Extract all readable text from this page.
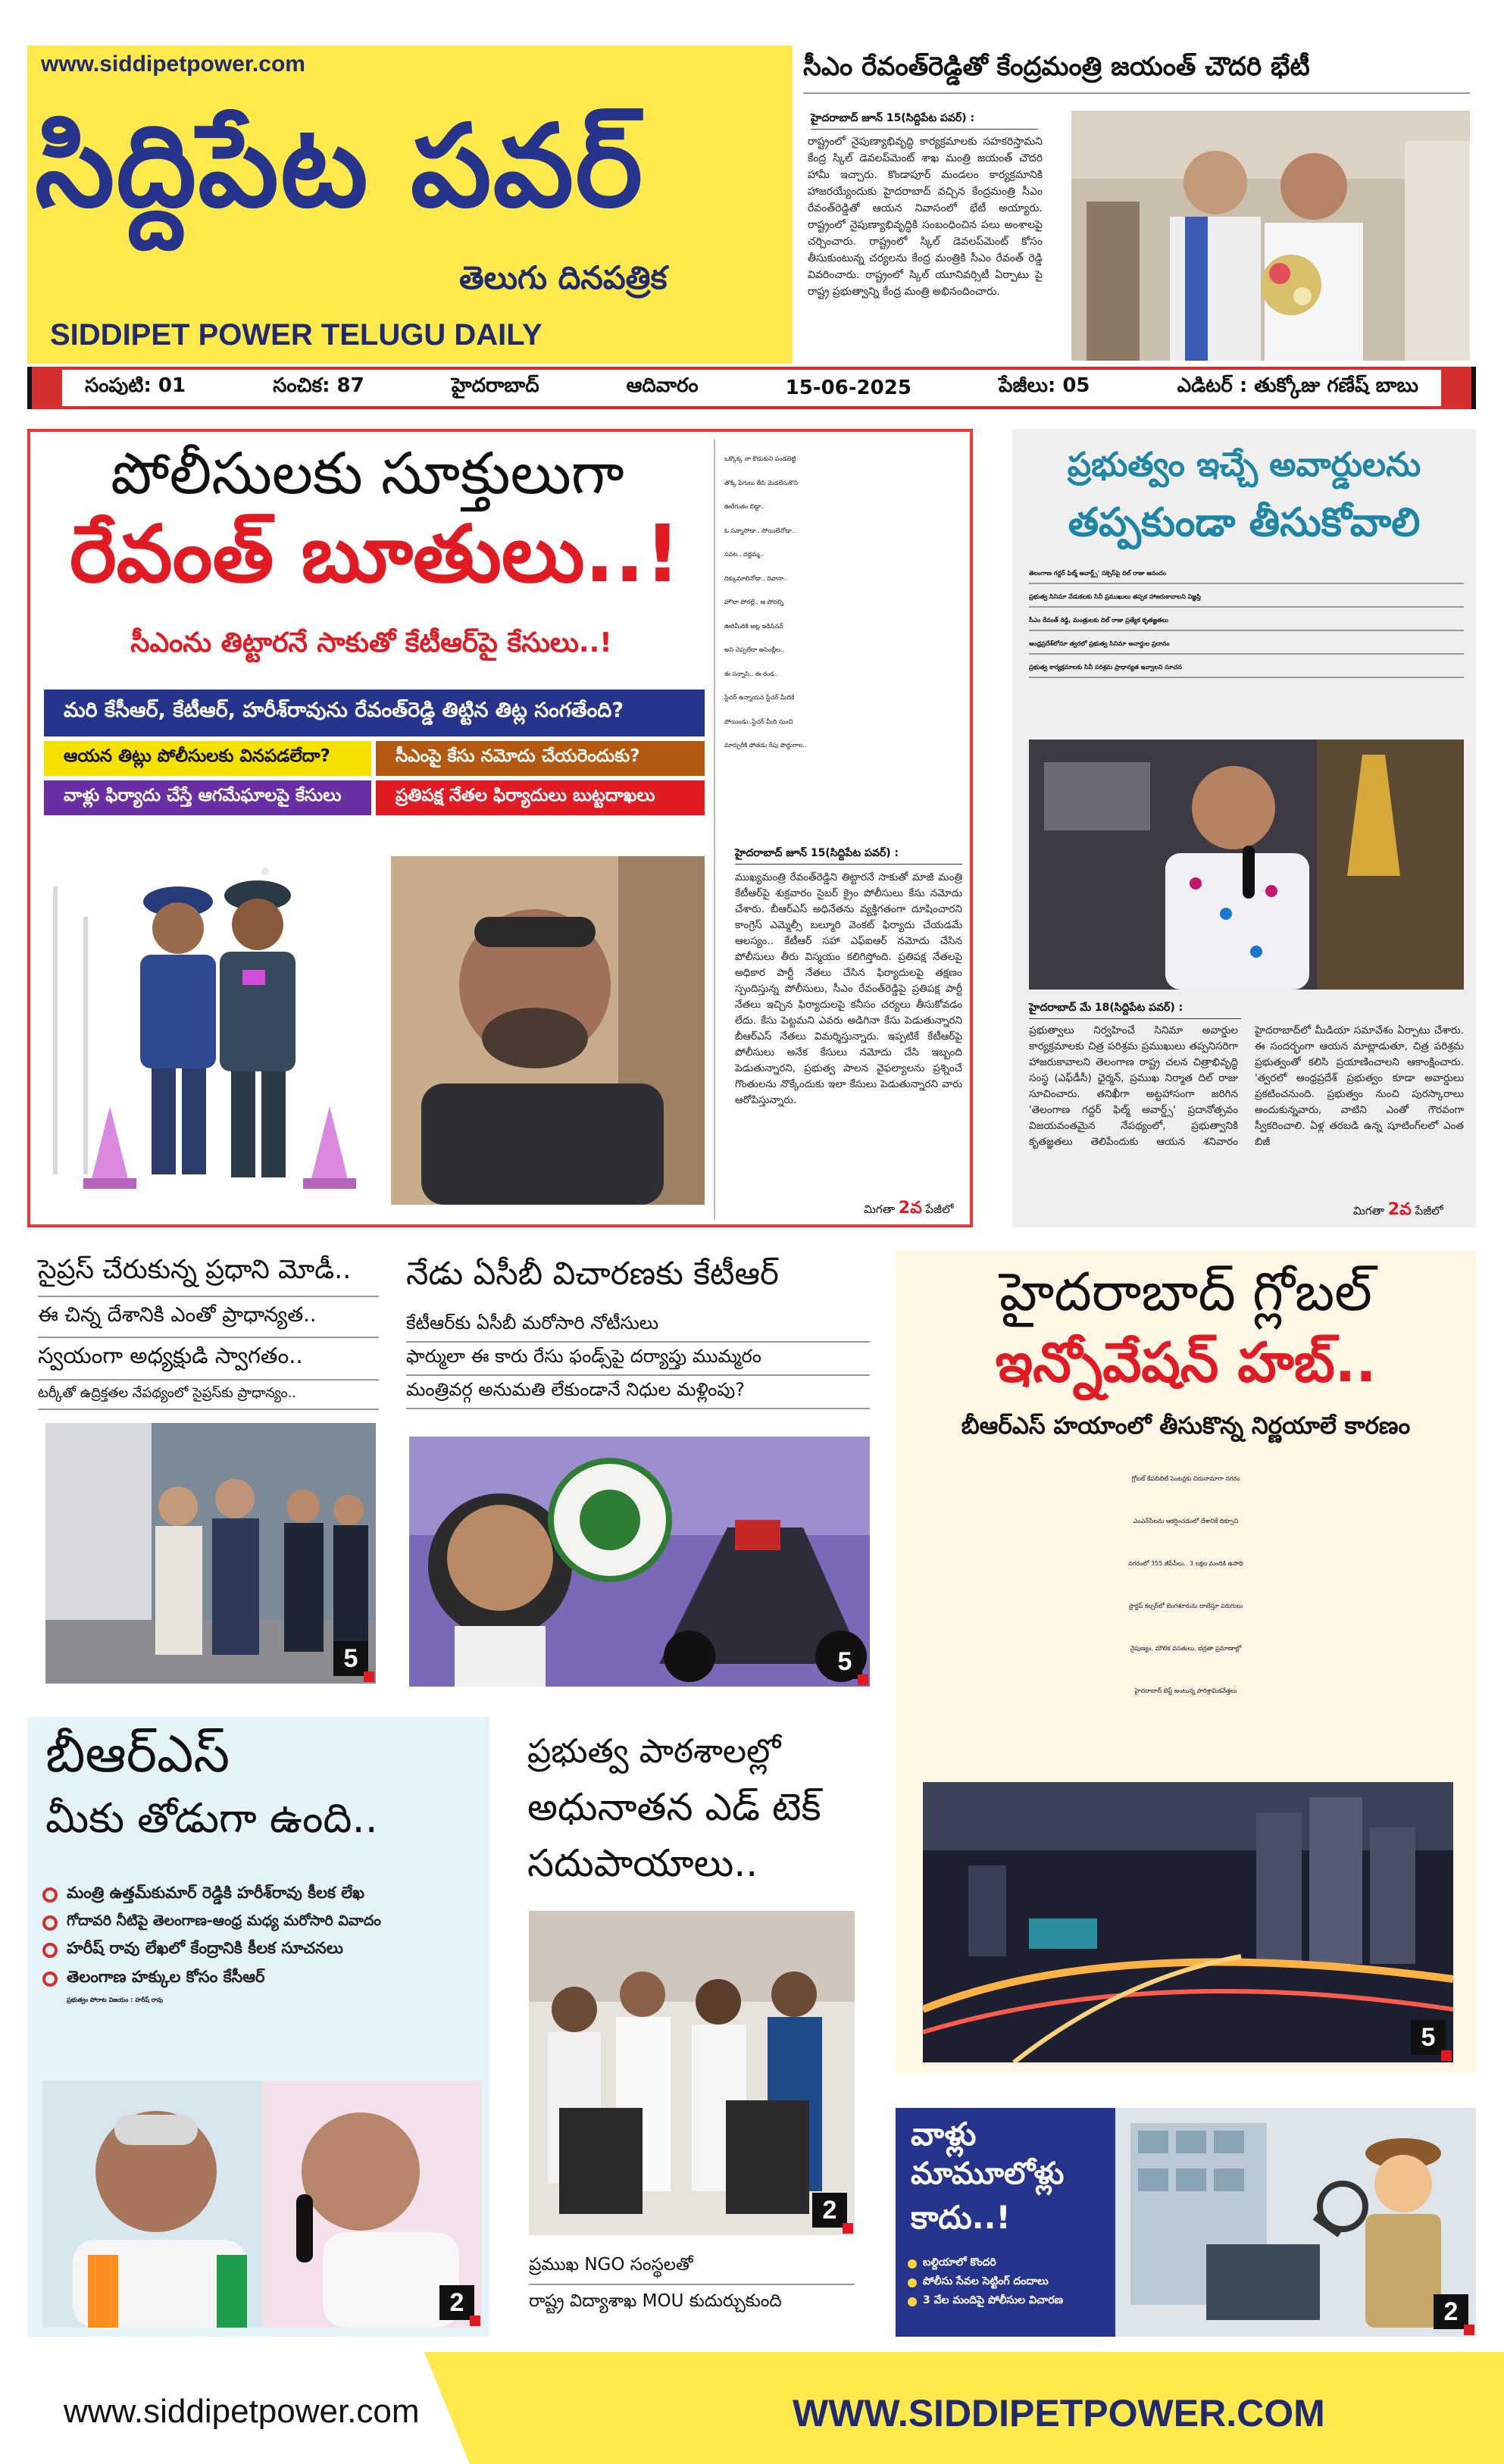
www.siddipetpower.com
సిద్దిపేట పవర్
తెలుగు దినపత్రిక
SIDDIPET POWER TELUGU DAILY
సీఎం రేవంత్‌రెడ్డితో కేంద్రమంత్రి జయంత్ చౌదరి భేటీ
హైదరాబాద్ జూన్ 15(సిద్దిపేట పవర్) :
రాష్ట్రంలో నైపుణ్యాభివృద్ధి కార్యక్రమాలకు సహకరిస్తామని కేంద్ర స్కిల్ డెవలప్‌మెంట్ శాఖ మంత్రి జయంత్ చౌదరి హామీ ఇచ్చారు. కొండాపూర్‌ మండలం కార్యక్రమానికి హాజరయ్యేందుకు హైదరాబాద్ వచ్చిన కేంద్రమంత్రి సీఎం రేవంత్‌రెడ్డితో ఆయన నివాసంలో భేటీ అయ్యారు. రాష్ట్రంలో నైపుణ్యాభివృద్ధికి సంబంధించిన పలు అంశాలపై చర్చించారు. రాష్ట్రంలో స్కిల్ డెవలప్‌మెంట్ కోసం తీసుకుంటున్న చర్యలను కేంద్ర మంత్రికి సీఎం రేవంత్ రెడ్డి వివరించారు. రాష్ట్రంలో స్కిల్ యూనివర్సిటీ ఏర్పాటు పై రాష్ట్ర ప్రభుత్వాన్ని కేంద్ర మంత్రి అభినందించారు.
సంపుటి: 01	సంచిక: 87	హైదరాబాద్	ఆదివారం	15-06-2025	పేజీలు: 05	ఎడిటర్ : తుక్కోజు గణేష్ బాబు
పోలీసులకు సూక్తులుగా
రేవంత్ బూతులు..!
సీఎంను తిట్టారనే సాకుతో కేటీఆర్‌పై కేసులు..!
మరి కేసీఆర్, కేటీఆర్, హరీశ్‌రావును రేవంత్‌రెడ్డి తిట్టిన తిట్ల సంగతేంది?
ఆయన తిట్లు పోలీసులకు వినపడలేదా?	సీఎంపై కేసు నమోదు చేయరెందుకు?
వాళ్లు ఫిర్యాదు చేస్తే ఆగమేఘాలపై కేసులు	ప్రతిపక్ష నేతల ఫిర్యాదులు బుట్టదాఖలు
ఒక్కొక్క నా కొడుకుని పండబెట్టి
తొక్కి పేగులు తీసి మెడలేసుకొని
ఊరేగుతం బిడ్డా..
ఓ సన్నాసోడా.. సోయిలేనోడా..
సవట.. దద్దమ్మ..
దిక్కుమాలినోడా.. దివానా..
హౌలా పోరల్లే.. ఆ పోరల్ని
ఊరిమీదికి అట్ల ఇడిసినవ్
అని చెప్పలేదా అసెంబ్లీల..
ఈ సన్నాసి.. ఈ రండ..
స్టేచర్ ఉన్నాయన స్టేచర్ మీదికే
పోయిండు..స్టేచర్ మీది నుంచి
మార్చురీకి పోతడు రేపు పొద్దుగాల..
హైదరాబాద్ జూన్ 15(సిద్దిపేట పవర్) :
ముఖ్యమంత్రి రేవంత్‌రెడ్డిని తిట్టారనే సాకుతో మాజీ మంత్రి కేటీఆర్‌పై శుక్రవారం సైబర్ క్రైం పోలీసులు కేసు నమోదు చేశారు. బీఆర్ఎస్ అధినేతను వ్యక్తిగతంగా దూషించారని కాంగ్రెస్ ఎమ్మెల్సీ బల్మూరి వెంకట్ ఫిర్యాదు చేయడమే ఆలస్యం.. కేటీఆర్ సహా ఎఫ్ఐఆర్ నమోదు చేసిన పోలీసులు తీరు విస్మయం కలిగిస్తోంది. ప్రతిపక్ష నేతలపై అధికార పార్టీ నేతలు చేసిన ఫిర్యాదులపై తక్షణం స్పందిస్తున్న పోలీసులు, సీఎం రేవంత్‌రెడ్డిపై ప్రతిపక్ష పార్టీ నేతలు ఇచ్చిన ఫిర్యాదులపై కనీసం చర్యలు తీసుకోవడం లేదు. కేసు పెట్టమని ఎవరు అడిగినా కేసు పెడుతున్నారని బీఆర్ఎస్ నేతలు విమర్శిస్తున్నారు. ఇప్పటికే కేటీఆర్‌పై పోలీసులు అనేక కేసులు నమోదు చేసి ఇబ్బంది పెడుతున్నారని, ప్రభుత్వ పాలన వైఫల్యాలను ప్రశ్నించే గొంతులను నొక్కేందుకు ఇలా కేసులు పెడుతున్నారని వారు ఆరోపిస్తున్నారు.
మిగతా 2వ పేజీలో
ప్రభుత్వం ఇచ్చే అవార్డులను
తప్పకుండా తీసుకోవాలి
తెలంగాణ గద్దర్ ఫిల్మ్ అవార్డ్స్' సక్సెస్‌పై దిల్ రాజు ఆనందం
ప్రభుత్వ సినిమా వేడుకలకు సినీ ప్రముఖులు తప్పక హాజరుకావాలని విజ్ఞప్తి
సీఎం రేవంత్ రెడ్డి, మంత్రులకు దిల్ రాజు ప్రత్యేక కృతజ్ఞతలు
ఆంధ్రప్రదేశ్‌లోనూ త్వరలో ప్రభుత్వ సినిమా అవార్డుల ప్రదానం
ప్రభుత్వ కార్యక్రమాలకు సినీ పరిశ్రమ ప్రాధాన్యత ఇవ్వాలని సూచన
హైదరాబాద్ మే 18(సిద్దిపేట పవర్) :
ప్రభుత్వాలు నిర్వహించే సినిమా అవార్డుల కార్యక్రమాలకు చిత్ర పరిశ్రమ ప్రముఖులు తప్పనిసరిగా హాజరుకావాలని తెలంగాణ రాష్ట్ర చలన చిత్రాభివృద్ధి సంస్థ (ఎఫ్‌డీసీ) ఛైర్మన్, ప్రముఖ నిర్మాత దిల్ రాజు సూచించారు. తనిఖీగా అట్టహాసంగా జరిగిన 'తెలంగాణ గద్దర్ ఫిల్మ్ అవార్డ్స్' ప్రదానోత్సవం విజయవంతమైన నేపథ్యంలో, ప్రభుత్వానికి కృతజ్ఞతలు తెలిపేందుకు ఆయన శనివారం హైదరాబాద్‌లో మీడియా సమావేశం ఏర్పాటు చేశారు. ఈ సందర్భంగా ఆయన మాట్లాడుతూ, చిత్ర పరిశ్రమ ప్రభుత్వంతో కలిసి ప్రయాణించాలని ఆకాంక్షించారు. 'త్వరలో ఆంధ్రప్రదేశ్ ప్రభుత్వం కూడా అవార్డులు ప్రకటించనుంది. ప్రభుత్వం నుంచి పురస్కారాలు అందుకున్నవారు, వాటిని ఎంతో గౌరవంగా స్వీకరించాలి. ఏళ్ల తరబడి ఉన్న షూటింగ్‌లలో ఎంత బిజీ
మిగతా 2వ పేజీలో
సైప్రస్ చేరుకున్న ప్రధాని మోడీ..
ఈ చిన్న దేశానికి ఎంతో ప్రాధాన్యత..
స్వయంగా అధ్యక్షుడి స్వాగతం..
టర్కీతో ఉద్రిక్తతల నేపథ్యంలో సైప్రస్‌కు ప్రాధాన్యం..
5
నేడు ఏసీబీ విచారణకు కేటీఆర్
కేటీఆర్‌కు ఏసీబీ మరోసారి నోటీసులు
ఫార్ములా ఈ కారు రేసు ఫండ్స్‌పై దర్యాప్తు ముమ్మరం
మంత్రివర్గ అనుమతి లేకుండానే నిధుల మళ్లింపు?
5
హైదరాబాద్ గ్లోబల్
ఇన్నోవేషన్ హబ్..
బీఆర్ఎస్ హయాంలో తీసుకొన్న నిర్ణయాలే కారణం
గ్లోబల్ కేపబిలిటీ సెంటర్లకు చిరునామాగా నగరం
ఎంఎన్‌సీలను ఆకర్షించడంలో దేశానికే దిక్సూచి
నగరంలో 355 జీసీసీలు.. 3 లక్షల మందికి ఉపాధి
స్టార్టప్ కల్చర్‌లో బెంగళూరును దాటేస్తూ పరుగులు
నైపుణ్యం, మౌలిక వసతులు, భద్రతా ప్రమాణాల్లో
హైదరాబాద్ బెస్ట్ అంటున్న పారిశ్రామికవేత్తలు
5
బీఆర్ఎస్
మీకు తోడుగా ఉంది..
మంత్రి ఉత్తమ్‌కుమార్ రెడ్డికి హరీశ్‌రావు కీలక లేఖ
గోదావరి నీటిపై తెలంగాణ-ఆంధ్ర మధ్య మరోసారి వివాదం
హరీష్ రావు లేఖలో కేంద్రానికి కీలక సూచనలు
తెలంగాణ హక్కుల కోసం కేసీఆర్
ప్రభుత్వం పోరాట విజయం : హరీష్ రావు
2
ప్రభుత్వ పాఠశాలల్లో
అధునాతన ఎడ్ టెక్
సదుపాయాలు..
2
ప్రముఖ NGO సంస్థలతో
రాష్ట్ర విద్యాశాఖ MOU కుదుర్చుకుంది
వాళ్లు
మామూలోళ్లు
కాదు..!
బల్దియాలో కొందరి
పోలీసు సేవల సెట్టింగ్ దందాలు
3 వేల మందిపై పోలీసుల విచారణ	2
www.siddipetpower.com	WWW.SIDDIPETPOWER.COM
